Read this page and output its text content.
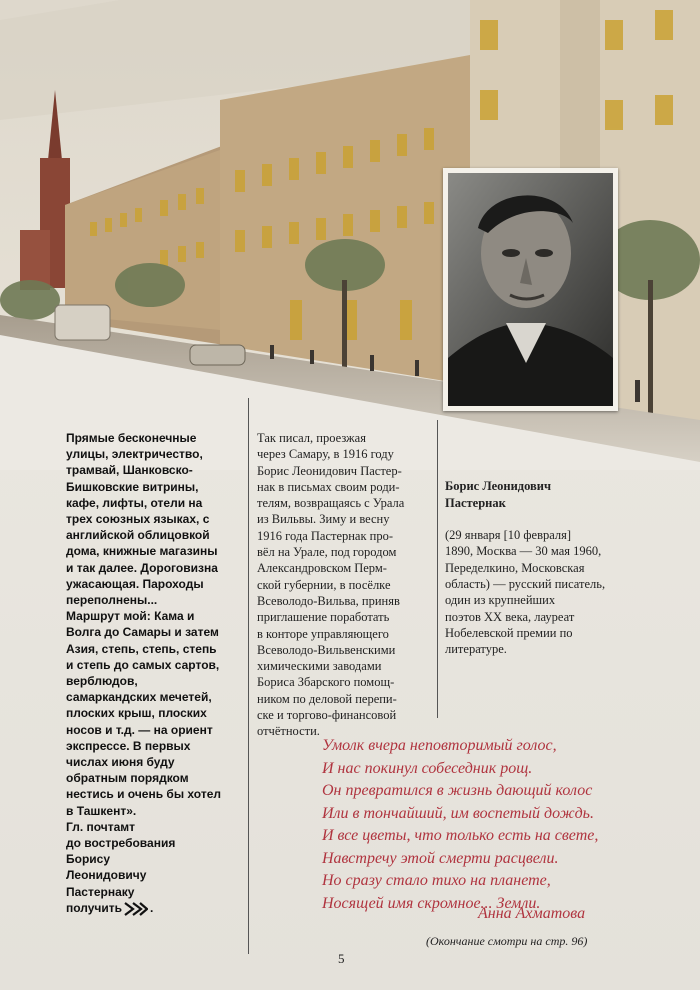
Прямые бесконечные
улицы, электричество,
трамвай, Шанковско-
Бишковские витрины,
кафе, лифты, отели на
трех союзных языках, с
английской облицовкой
дома, книжные магазины
и так далее. Дороговизна
ужасающая. Пароходы
переполнены...
Маршрут мой: Кама и
Волга до Самары и затем
Азия, степь, степь, степь
и степь до самых сартов,
верблюдов,
самаркандских мечетей,
плоских крыш, плоских
носов и т.д. — на ориент
экспрессе. В первых
числах июня буду
обратным порядком
нестись и очень бы хотел
в Ташкент».
Гл. почтамт
до востребования
Борису
Леонидовичу
Пастернаку
получить .
Так писал, проезжая
через Самару, в 1916 году
Борис Леонидович Пастер-
нак в письмах своим роди-
телям, возвращаясь с Урала
из Вильвы. Зиму и весну
1916 года Пастернак про-
вёл на Урале, под городом
Александровском Перм-
ской губернии, в посёлке
Всеволодо-Вильва, приняв
приглашение поработать
в конторе управляющего
Всеволодо-Вильвенскими
химическими заводами
Бориса Збарского помощ-
ником по деловой перепи-
ске и торгово-финансовой
отчётности.

Борис Леонидович
Пастернак

(29 января [10 февраля]
1890, Москва — 30 мая 1960,
Переделкино, Московская
область) — русский писатель,
один из крупнейших
поэтов XX века, лауреат
Нобелевской премии по
литературе.

Умолк вчера неповторимый голос,
И нас покинул собеседник рощ.
Он превратился в жизнь дающий колос
Или в тончайший, им воспетый дождь.
И все цветы, что только есть на свете,
Навстречу этой смерти расцвели.
Но сразу стало тихо на планете,
Носящей имя скромное... Земли.
Анна Ахматова
(Окончание смотри на стр. 96)
5
